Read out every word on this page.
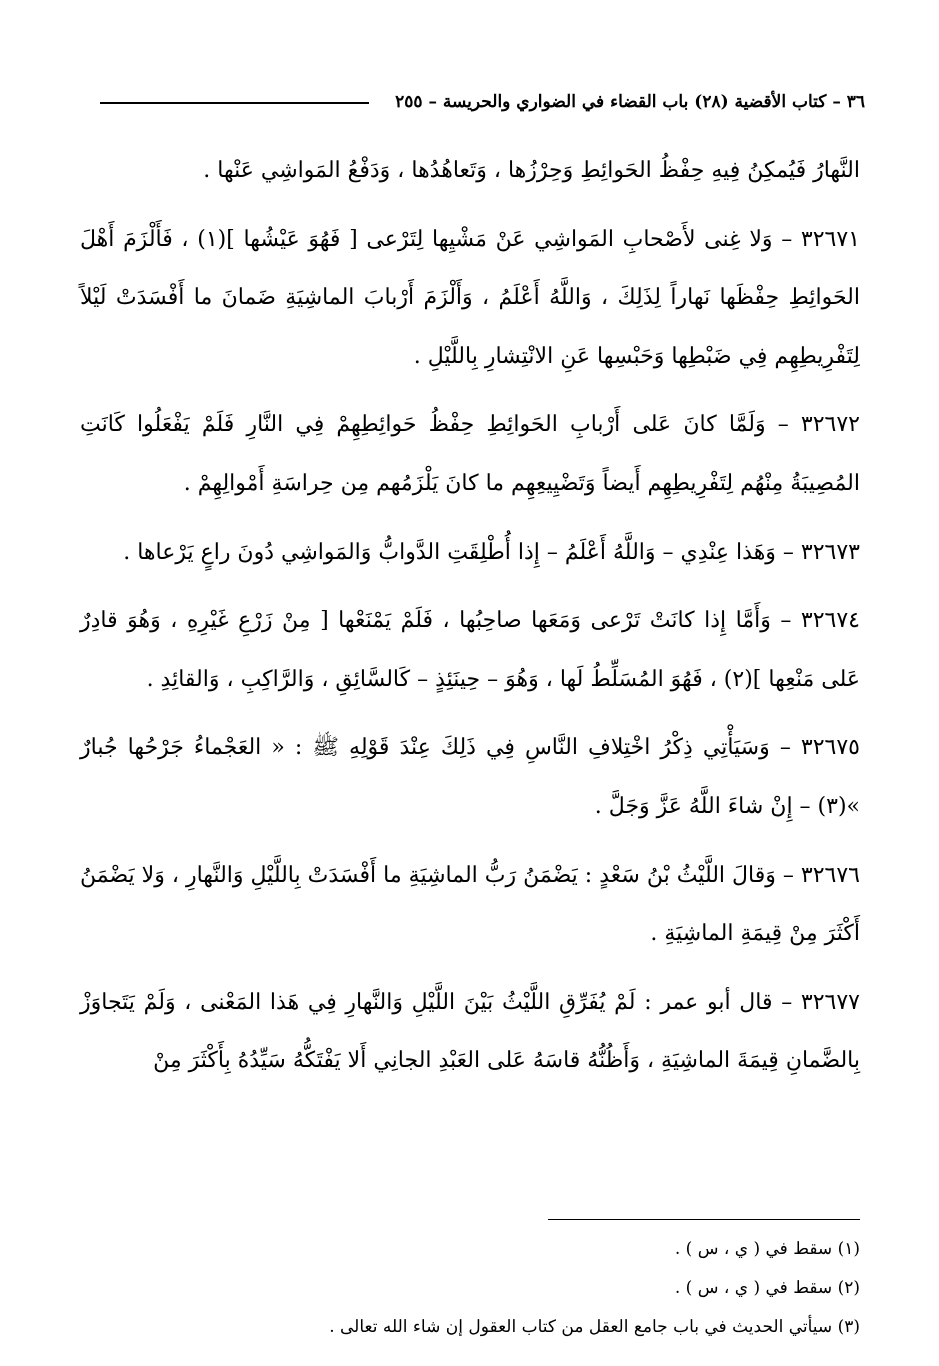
٣٦ – كتاب الأقضية (٢٨) باب القضاء في الضواري والحريسة – ٢٥٥

النَّهارُ فَيُمكِنُ فِيهِ حِفْظُ الحَوائِطِ وَحِرْزُها ، وَتَعاهُدُها ، وَدَفْعُ المَواشِي عَنْها .

٣٢٦٧١ – وَلا غِنى لأَصْحابِ المَواشِي عَنْ مَشْيِها لِتَرْعى [ فَهُوَ عَيْشُها ](١) ، فَأَلْزَمَ أَهْلَ الحَوائِطِ حِفْظَها نَهاراً لِذَلِكَ ، وَاللَّهُ أَعْلَمُ ، وَأَلْزَمَ أَرْبابَ الماشِيَةِ ضَمانَ ما أَفْسَدَتْ لَيْلاً لِتَفْرِيطِهِم فِي ضَبْطِها وَحَبْسِها عَنِ الانْتِشارِ بِاللَّيْلِ .

٣٢٦٧٢ – وَلَمَّا كانَ عَلى أَرْبابِ الحَوائِطِ حِفْظُ حَوائِطِهِمْ فِي النَّارِ فَلَمْ يَفْعَلُوا كَانَتِ المُصِيبَةُ مِنْهُم لِتَفْرِيطِهِم أَيضاً وَتَضْيِيعِهِم ما كانَ يَلْزَمُهم مِن حِراسَةِ أَمْوالِهِمْ .

٣٢٦٧٣ – وَهَذا عِنْدِي – وَاللَّهُ أَعْلَمُ – إِذا أُطْلِقَتِ الدَّوابُّ وَالمَواشِي دُونَ راعٍ يَرْعاها .

٣٢٦٧٤ – وَأَمَّا إِذا كانَتْ تَرْعى وَمَعَها صاحِبُها ، فَلَمْ يَمْنَعْها [ مِنْ زَرْعِ غَيْرِهِ ، وَهُوَ قادِرٌ عَلى مَنْعِها ](٢) ، فَهُوَ المُسَلِّطُ لَها ، وَهُوَ – حِينَئِذٍ – كَالسَّائِقِ ، وَالرَّاكِبِ ، وَالقائِدِ .

٣٢٦٧٥ – وَسَيَأْتِي ذِكْرُ اخْتِلافِ النَّاسِ فِي ذَلِكَ عِنْدَ قَوْلِهِ ﷺ : « العَجْماءُ جَرْحُها جُبارٌ »(٣) – إِنْ شاءَ اللَّهُ عَزَّ وَجَلَّ .

٣٢٦٧٦ – وَقالَ اللَّيْثُ بْنُ سَعْدٍ : يَضْمَنُ رَبُّ الماشِيَةِ ما أَفْسَدَتْ بِاللَّيْلِ وَالنَّهارِ ، وَلا يَضْمَنُ أَكْثَرَ مِنْ قِيمَةِ الماشِيَةِ .

٣٢٦٧٧ – قال أبو عمر : لَمْ يُفَرِّقِ اللَّيْثُ بَيْنَ اللَّيْلِ وَالنَّهارِ فِي هَذا المَعْنى ، وَلَمْ يَتَجاوَزْ بِالضَّمانِ قِيمَةَ الماشِيَةِ ، وَأَظُنُّهُ قاسَهُ عَلى العَبْدِ الجانِي أَلا يَفْتَكُّهُ سَيِّدُهُ بِأَكْثَرَ مِنْ

(١) سقط في ( ي ، س ) .
(٢) سقط في ( ي ، س ) .
(٣) سيأتي الحديث في باب جامع العقل من كتاب العقول إن شاء الله تعالى .
